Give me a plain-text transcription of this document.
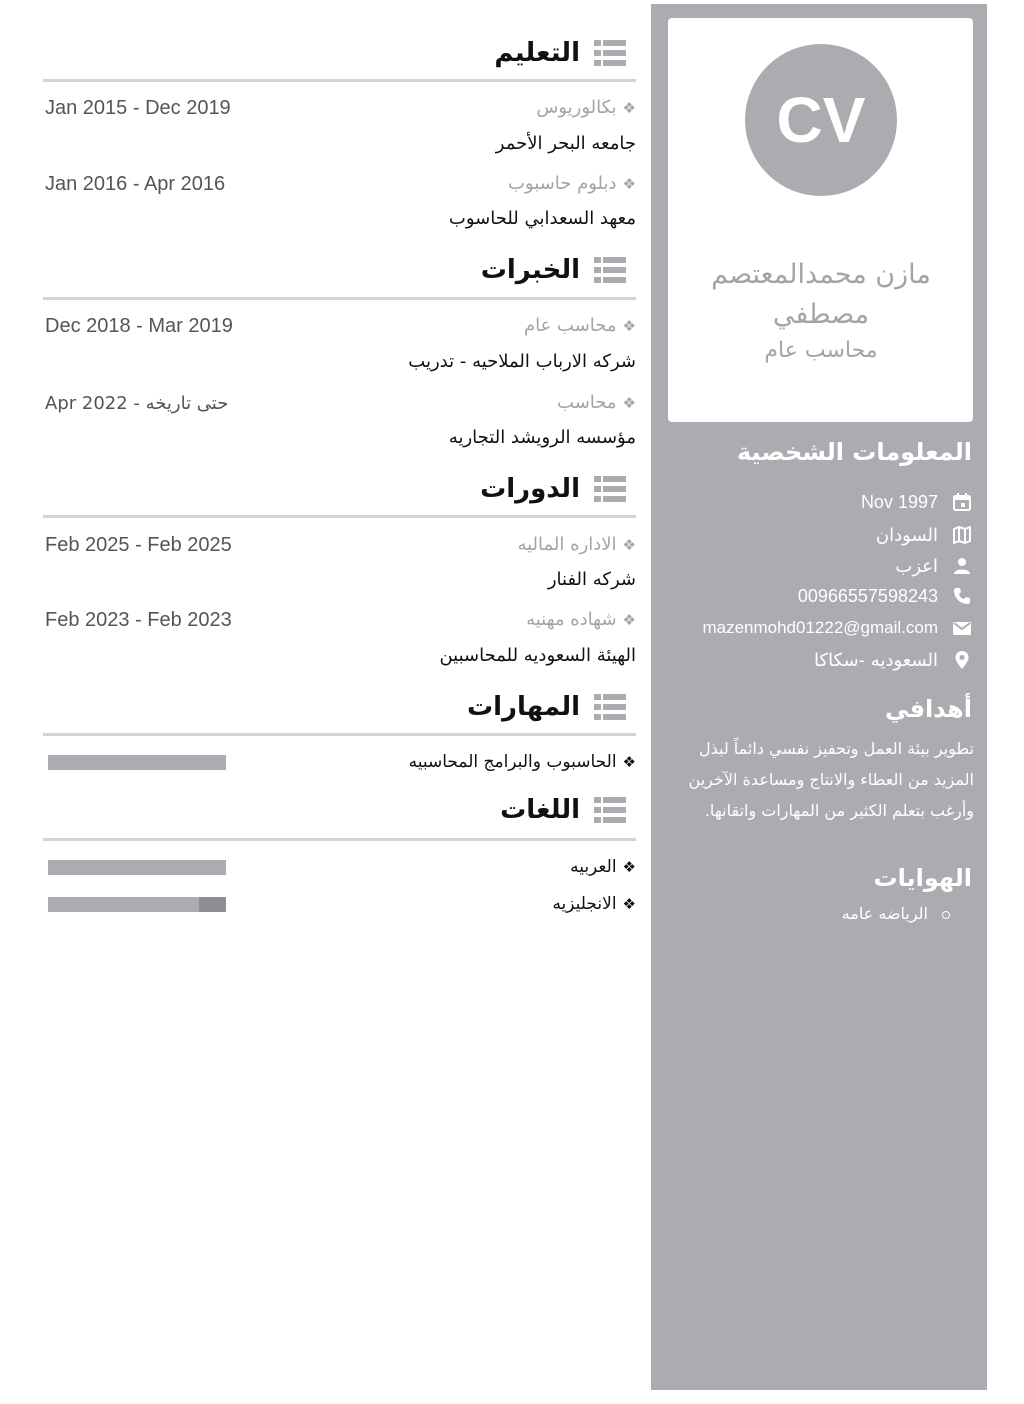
CV
مازن محمدالمعتصم
مصطفي
محاسب عام
المعلومات الشخصية
Nov 1997
السودان
اعزب
00966557598243
mazenmohd01222@gmail.com
السعوديه -سكاكا
أهدافي
تطوير بيئة العمل وتحفيز نفسي دائماً لبذل المزيد من العطاء والانتاج ومساعدة الآخرين وأرغب بتعلم الكثير من المهارات واتقانها.
الهوايات
الرياضه عامه
التعليم
❖بكالوريوس
Jan 2015 - Dec 2019
جامعه البحر الأحمر
❖دبلوم حاسبوب
Jan 2016 - Apr 2016
معهد السعدابي للحاسوب
الخبرات
❖محاسب عام
Dec 2018 - Mar 2019
شركه الارباب الملاحيه - تدريب
❖محاسب
Apr 2022 - حتى تاريخه
مؤسسه الرويشد التجاريه
الدورات
❖الاداره الماليه
Feb 2025 - Feb 2025
شركه الفنار
❖شهاده مهنيه
Feb 2023 - Feb 2023
الهيئة السعوديه للمحاسبين
المهارات
❖الحاسبوب والبرامج المحاسبيه
اللغات
❖العربيه
❖الانجليزيه
